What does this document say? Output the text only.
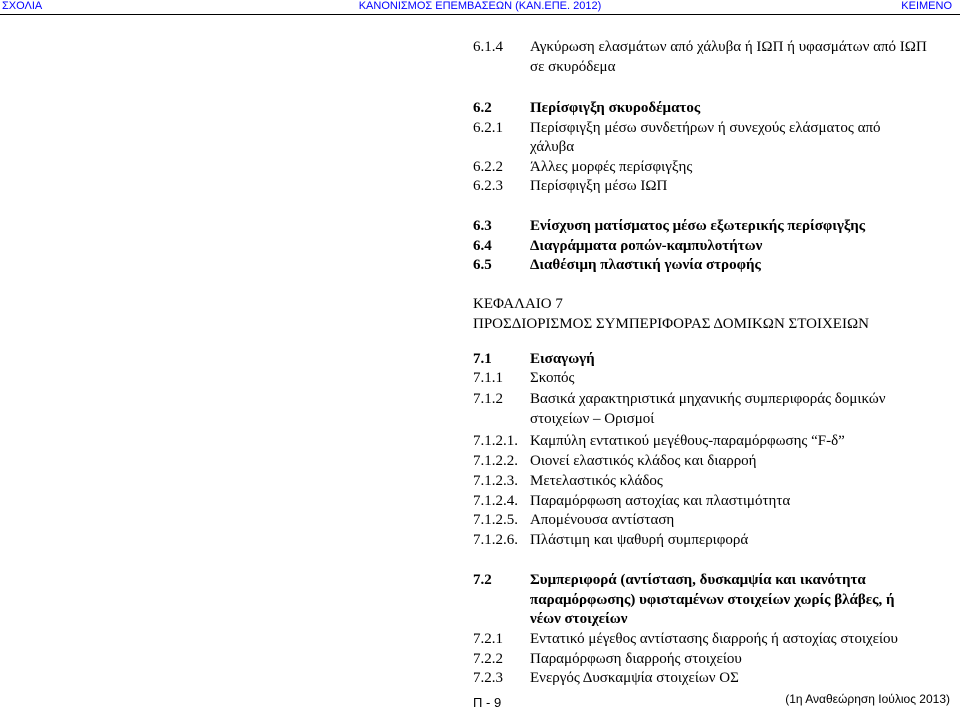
ΚΑΝΟΝΙΣΜΟΣ ΕΠΕΜΒΑΣΕΩΝ (ΚΑΝ.ΕΠΕ. 2012)
ΣΧΟΛΙΑ	ΚΕΙΜΕΝΟ
6.1.4 Αγκύρωση ελασμάτων από χάλυβα ή ΙΩΠ ή υφασμάτων από ΙΩΠ
σε σκυρόδεμα
6.2	Περίσφιγξη σκυροδέματος
6.2.1 Περίσφιγξη μέσω συνδετήρων ή συνεχούς ελάσματος από
χάλυβα
6.2.2 Άλλες μορφές περίσφιγξης
6.2.3 Περίσφιγξη μέσω ΙΩΠ
6.3	Ενίσχυση ματίσματος μέσω εξωτερικής περίσφιγξης
6.4	Διαγράμματα ροπών-καμπυλοτήτων
6.5	Διαθέσιμη πλαστική γωνία στροφής
ΚΕΦΑΛΑΙΟ 7
ΠΡΟΣΔΙΟΡΙΣΜΟΣ ΣΥΜΠΕΡΙΦΟΡΑΣ ΔΟΜΙΚΩΝ ΣΤΟΙΧΕΙΩΝ
7.1	Εισαγωγή
7.1.1 Σκοπός
7.1.2 Βασικά χαρακτηριστικά μηχανικής συμπεριφοράς δομικών
στοιχείων – Ορισμοί
7.1.2.1. Καμπύλη εντατικού μεγέθους-παραμόρφωσης “F-δ”
7.1.2.2. Οιονεί ελαστικός κλάδος και διαρροή
7.1.2.3. Μετελαστικός κλάδος
7.1.2.4. Παραμόρφωση αστοχίας και πλαστιμότητα
7.1.2.5. Απομένουσα αντίσταση
7.1.2.6. Πλάστιμη και ψαθυρή συμπεριφορά
7.2	Συμπεριφορά (αντίσταση, δυσκαμψία και ικανότητα
παραμόρφωσης) υφισταμένων στοιχείων χωρίς βλάβες, ή
νέων στοιχείων
7.2.1 Εντατικό μέγεθος αντίστασης διαρροής ή αστοχίας στοιχείου
7.2.2 Παραμόρφωση διαρροής στοιχείου
7.2.3 Ενεργός Δυσκαμψία στοιχείων ΟΣ
Π - 9	(1η Αναθεώρηση Ιούλιος 2013)
